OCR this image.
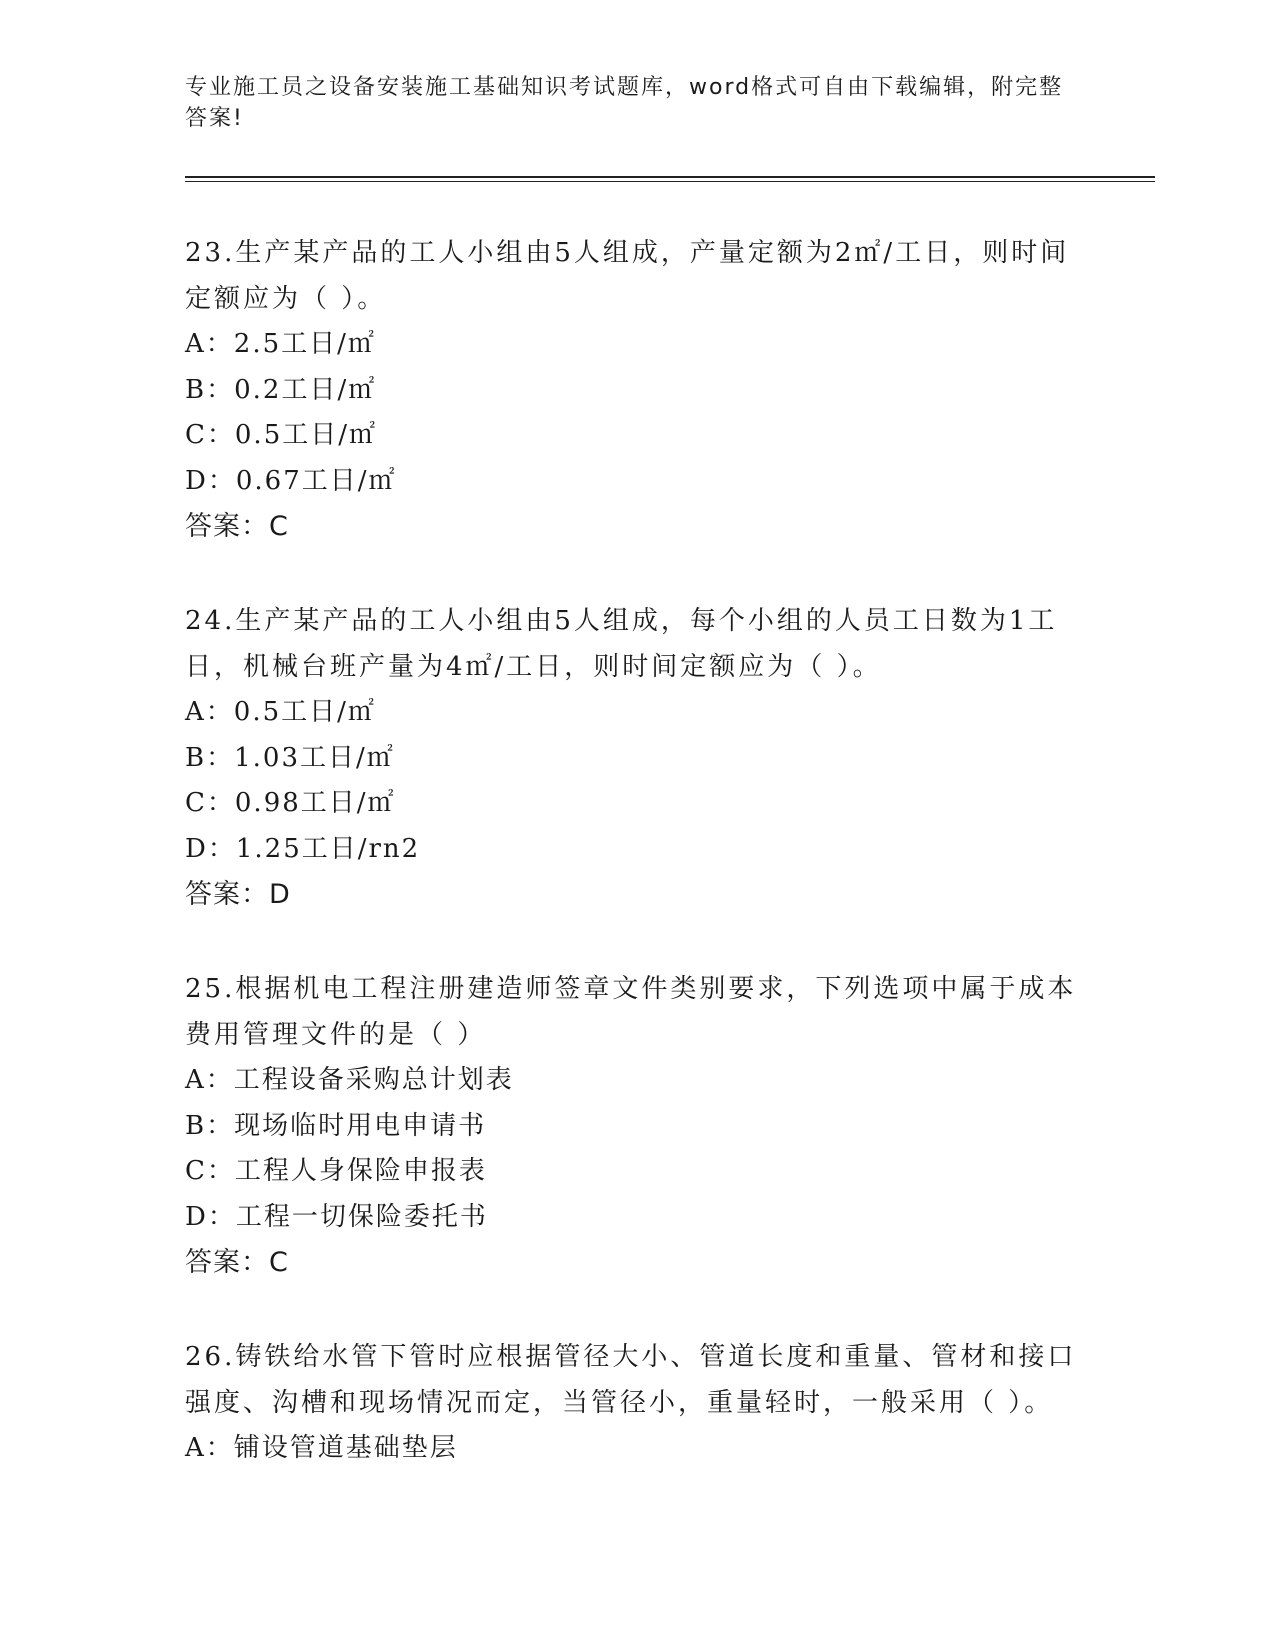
专业施工员之设备安装施工基础知识考试题库，word格式可自由下载编辑，附完整答案!

23.生产某产品的工人小组由5人组成，产量定额为2㎡/工日，则时间定额应为（ ）。

A：2.5工日/㎡

B：0.2工日/㎡

C：0.5工日/㎡

D：0.67工日/㎡

答案：C

24.生产某产品的工人小组由5人组成，每个小组的人员工日数为1工日，机械台班产量为4㎡/工日，则时间定额应为（ ）。

A：0.5工日/㎡

B：1.03工日/㎡

C：0.98工日/㎡

D：1.25工日/rn2

答案：D

25.根据机电工程注册建造师签章文件类别要求，下列选项中属于成本费用管理文件的是（ ）

A：工程设备采购总计划表

B：现场临时用电申请书

C：工程人身保险申报表

D：工程一切保险委托书

答案：C

26.铸铁给水管下管时应根据管径大小、管道长度和重量、管材和接口强度、沟槽和现场情况而定，当管径小，重量轻时，一般采用（ ）。

A：铺设管道基础垫层
